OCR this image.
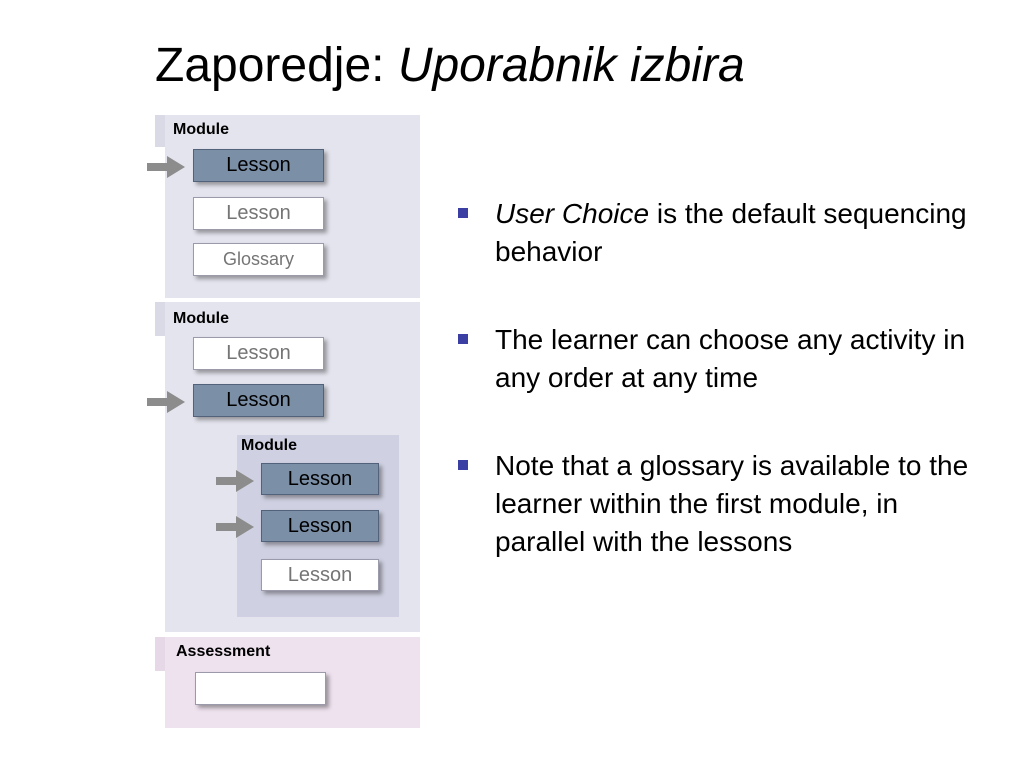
Zaporedje: Uporabnik izbira
Module
Lesson
Lesson
Glossary
Module
Lesson
Lesson
Module
Lesson
Lesson
Lesson
Assessment
User Choice is the default sequencing behavior
The learner can choose any activity in any order at any time
Note that a glossary is available to the learner within the first module, in parallel with the lessons
